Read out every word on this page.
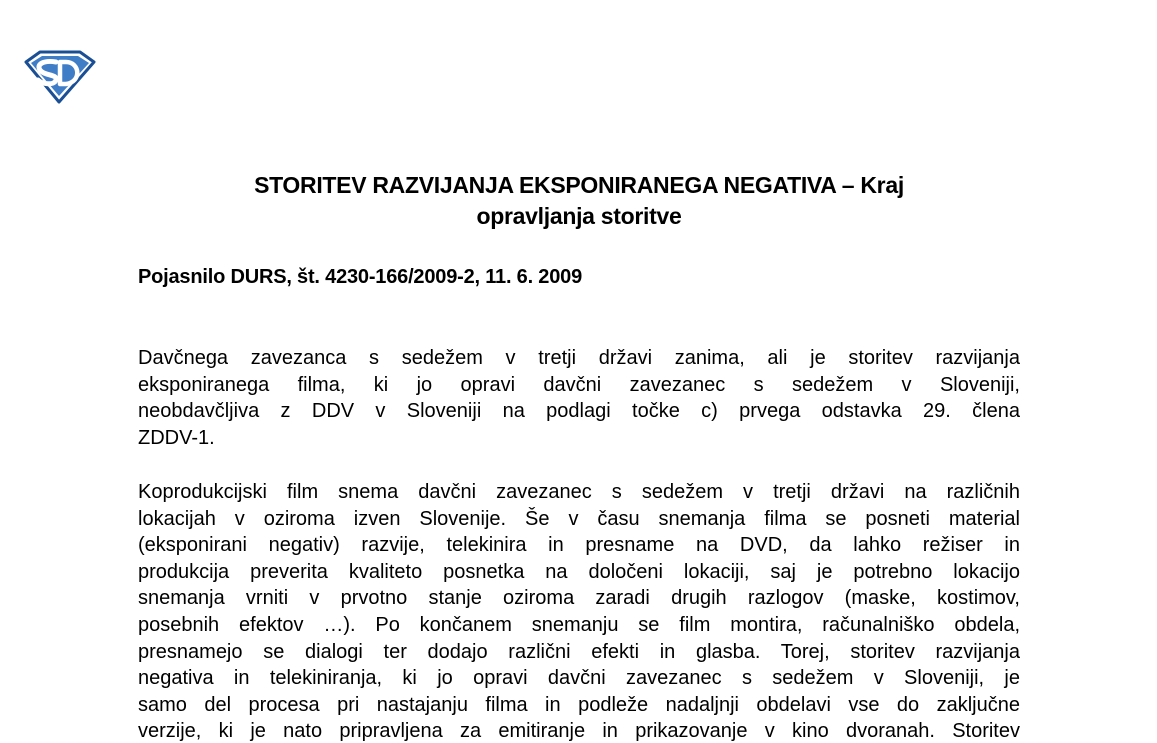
STORITEV RAZVIJANJA EKSPONIRANEGA NEGATIVA – Kraj
opravljanja storitve
Pojasnilo DURS, št. 4230-166/2009-2, 11. 6. 2009
Davčnega zavezanca s sedežem v tretji državi zanima, ali je storitev razvijanja
eksponiranega filma, ki jo opravi davčni zavezanec s sedežem v Sloveniji,
neobdavčljiva z DDV v Sloveniji na podlagi točke c) prvega odstavka 29. člena
ZDDV-1.
Koprodukcijski film snema davčni zavezanec s sedežem v tretji državi na različnih
lokacijah v oziroma izven Slovenije. Še v času snemanja filma se posneti material
(eksponirani negativ) razvije, telekinira in presname na DVD, da lahko režiser in
produkcija preverita kvaliteto posnetka na določeni lokaciji, saj je potrebno lokacijo
snemanja vrniti v prvotno stanje oziroma zaradi drugih razlogov (maske, kostimov,
posebnih efektov …). Po končanem snemanju se film montira, računalniško obdela,
presnamejo se dialogi ter dodajo različni efekti in glasba. Torej, storitev razvijanja
negativa in telekiniranja, ki jo opravi davčni zavezanec s sedežem v Sloveniji, je
samo del procesa pri nastajanju filma in podleže nadaljnji obdelavi vse do zaključne
verzije, ki je nato pripravljena za emitiranje in prikazovanje v kino dvoranah. Storitev
